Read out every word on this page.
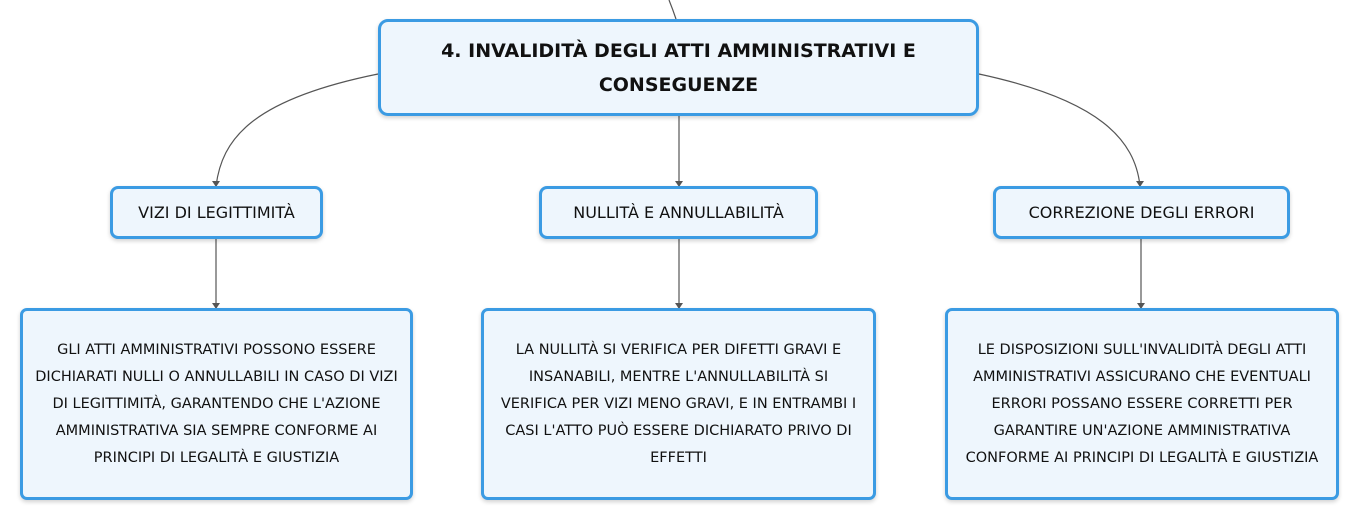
4. INVALIDITÀ DEGLI ATTI AMMINISTRATIVI E CONSEGUENZE
VIZI DI LEGITTIMITÀ	NULLITÀ E ANNULLABILITÀ	CORREZIONE DEGLI ERRORI
GLI ATTI AMMINISTRATIVI POSSONO ESSERE DICHIARATI NULLI O ANNULLABILI IN CASO DI VIZI DI LEGITTIMITÀ, GARANTENDO CHE L'AZIONE AMMINISTRATIVA SIA SEMPRE CONFORME AI PRINCIPI DI LEGALITÀ E GIUSTIZIA
LA NULLITÀ SI VERIFICA PER DIFETTI GRAVI E INSANABILI, MENTRE L'ANNULLABILITÀ SI VERIFICA PER VIZI MENO GRAVI, E IN ENTRAMBI I CASI L'ATTO PUÒ ESSERE DICHIARATO PRIVO DI EFFETTI
LE DISPOSIZIONI SULL'INVALIDITÀ DEGLI ATTI AMMINISTRATIVI ASSICURANO CHE EVENTUALI ERRORI POSSANO ESSERE CORRETTI PER GARANTIRE UN'AZIONE AMMINISTRATIVA CONFORME AI PRINCIPI DI LEGALITÀ E GIUSTIZIA
